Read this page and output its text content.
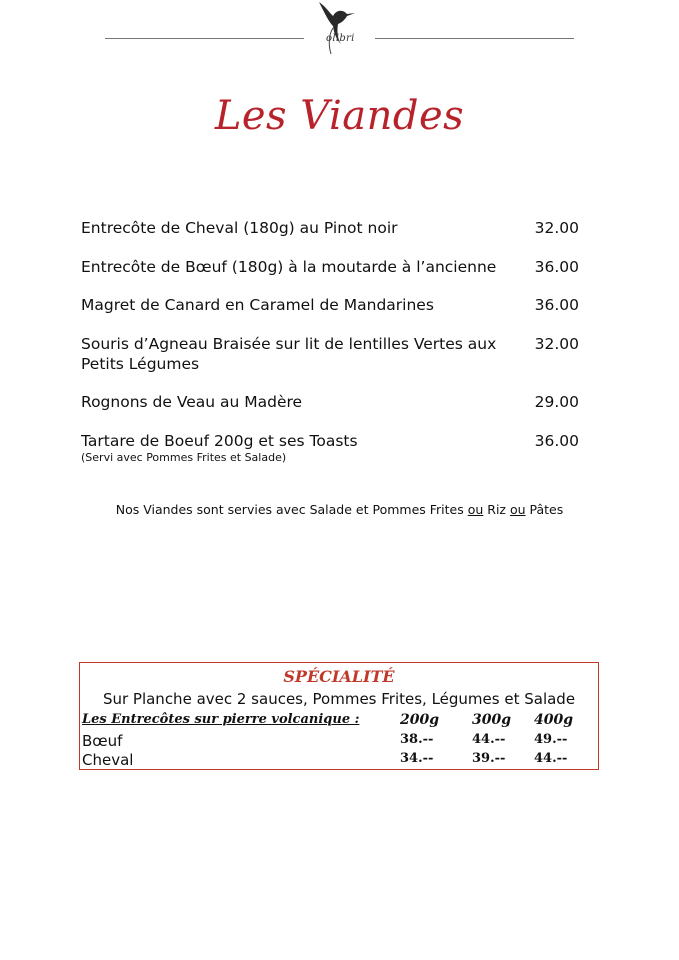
olibri
Les Viandes
Entrecôte de Cheval (180g) au Pinot noir	32.00
Entrecôte de Bœuf (180g) à la moutarde à l’ancienne 36.00
Magret de Canard en Caramel de Mandarines	36.00
Souris d’Agneau Braisée sur lit de lentilles Vertes aux Petits Légumes
32.00
Rognons de Veau au Madère	29.00
Tartare de Boeuf 200g et ses Toasts	36.00
(Servi avec Pommes Frites et Salade)
Nos Viandes sont servies avec Salade et Pommes Frites ou Riz ou Pâtes
SPÉCIALITÉ
Sur Planche avec 2 sauces, Pommes Frites, Légumes et Salade
Les Entrecôtes sur pierre volcanique :	200g 300g 400g
Bœuf	38.--	44.-- 49.--
Cheval	34.--	39.-- 44.--
